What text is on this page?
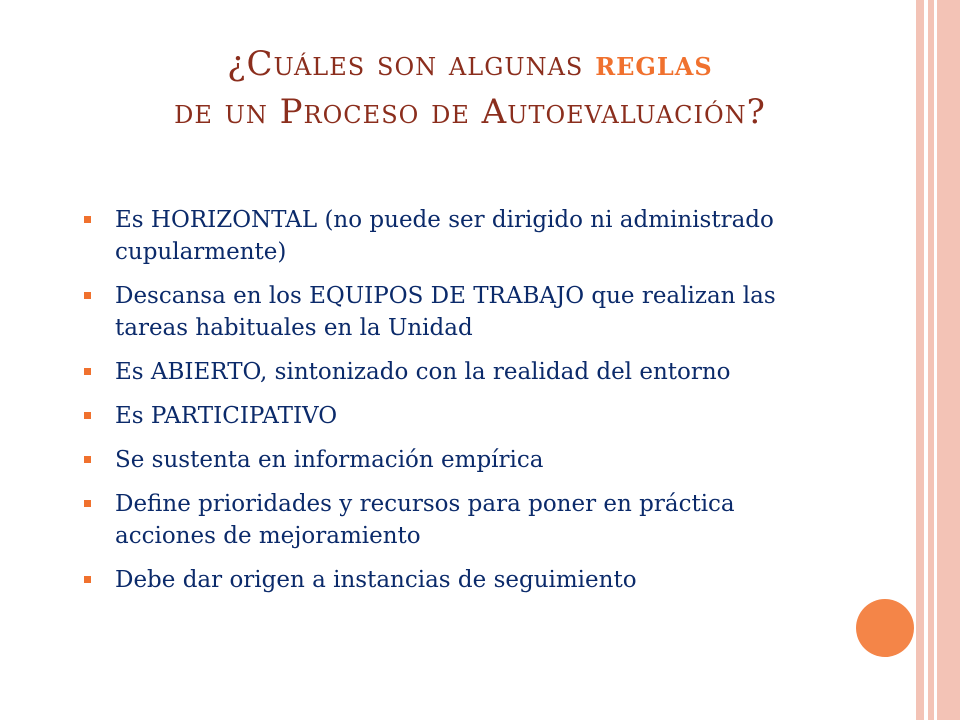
¿Cuáles son algunas reglas
de un Proceso de Autoevaluación?
Es HORIZONTAL (no puede ser dirigido ni administrado cupularmente)
Descansa en los EQUIPOS DE TRABAJO que realizan las tareas habituales en la Unidad
Es ABIERTO, sintonizado con la realidad del entorno
Es PARTICIPATIVO
Se sustenta en información empírica
Define prioridades y recursos para poner en práctica acciones de mejoramiento
Debe dar origen a instancias de seguimiento
